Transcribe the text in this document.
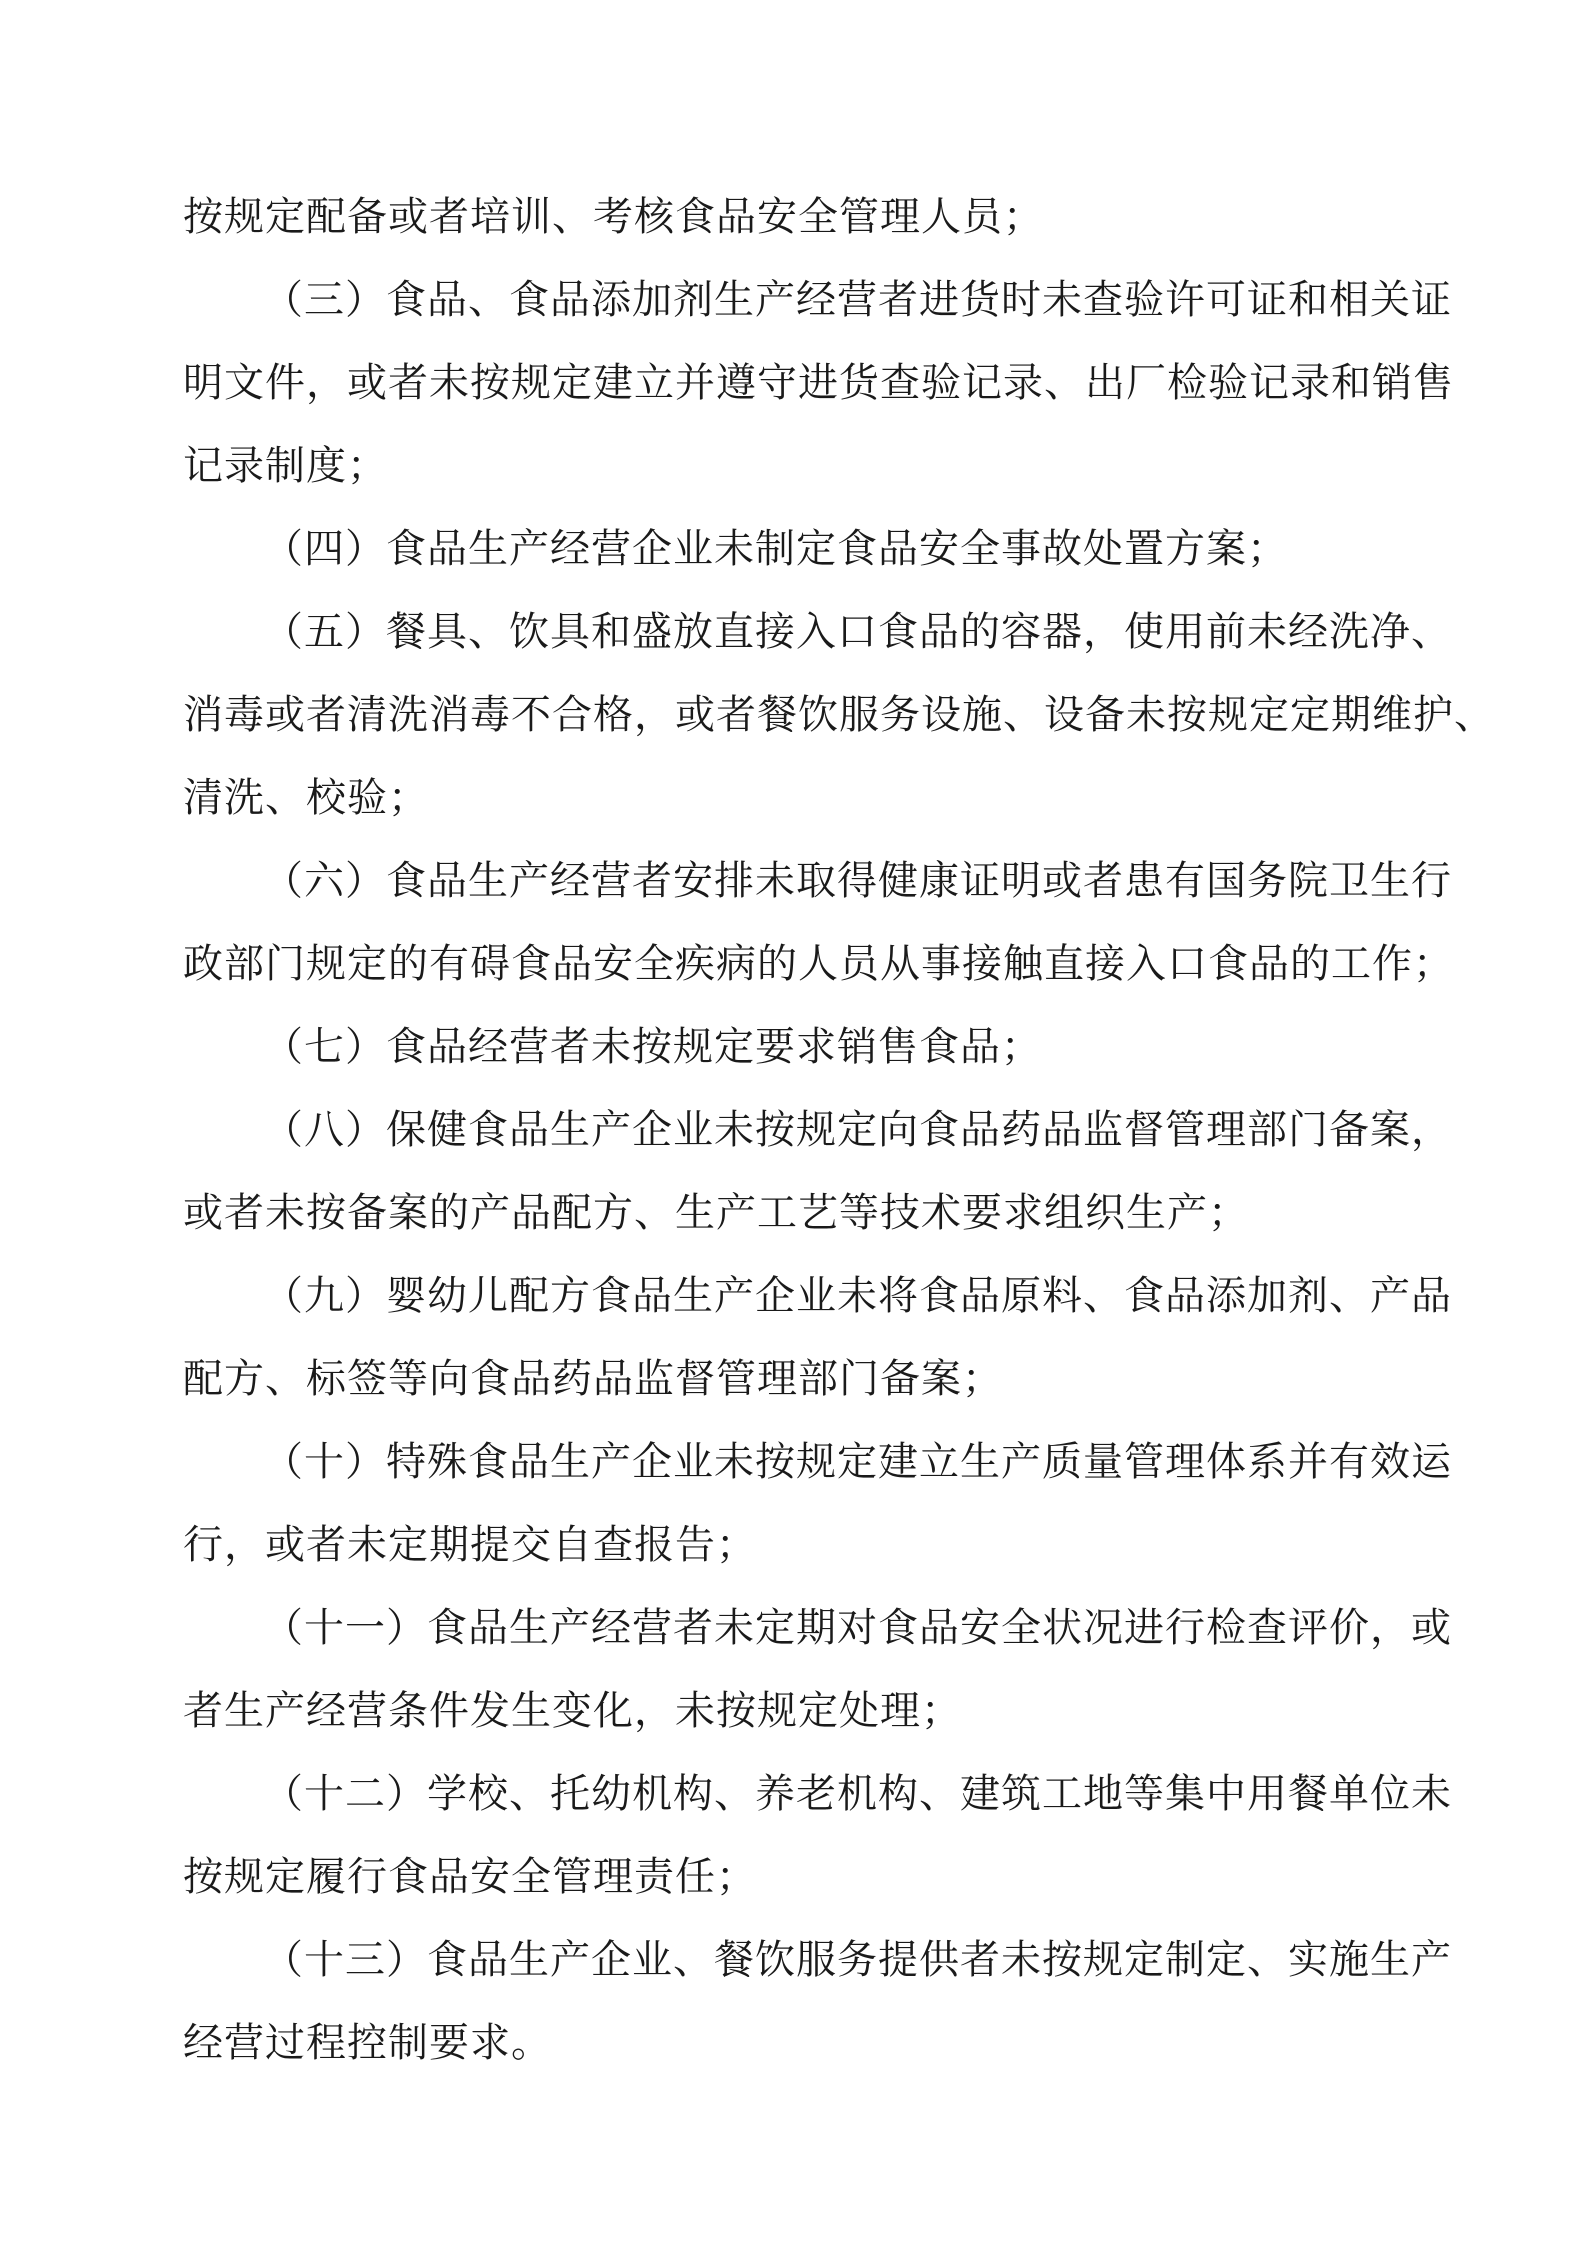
按规定配备或者培训、考核食品安全管理人员；
（三）食品、食品添加剂生产经营者进货时未查验许可证和相关证
明文件，或者未按规定建立并遵守进货查验记录、出厂检验记录和销售
记录制度；
（四）食品生产经营企业未制定食品安全事故处置方案；
（五）餐具、饮具和盛放直接入口食品的容器，使用前未经洗净、
消毒或者清洗消毒不合格，或者餐饮服务设施、设备未按规定定期维护、
清洗、校验；
（六）食品生产经营者安排未取得健康证明或者患有国务院卫生行
政部门规定的有碍食品安全疾病的人员从事接触直接入口食品的工作；
（七）食品经营者未按规定要求销售食品；
（八）保健食品生产企业未按规定向食品药品监督管理部门备案，
或者未按备案的产品配方、生产工艺等技术要求组织生产；
（九）婴幼儿配方食品生产企业未将食品原料、食品添加剂、产品
配方、标签等向食品药品监督管理部门备案；
（十）特殊食品生产企业未按规定建立生产质量管理体系并有效运
行，或者未定期提交自查报告；
（十一）食品生产经营者未定期对食品安全状况进行检查评价，或
者生产经营条件发生变化，未按规定处理；
（十二）学校、托幼机构、养老机构、建筑工地等集中用餐单位未
按规定履行食品安全管理责任；
（十三）食品生产企业、餐饮服务提供者未按规定制定、实施生产
经营过程控制要求。
